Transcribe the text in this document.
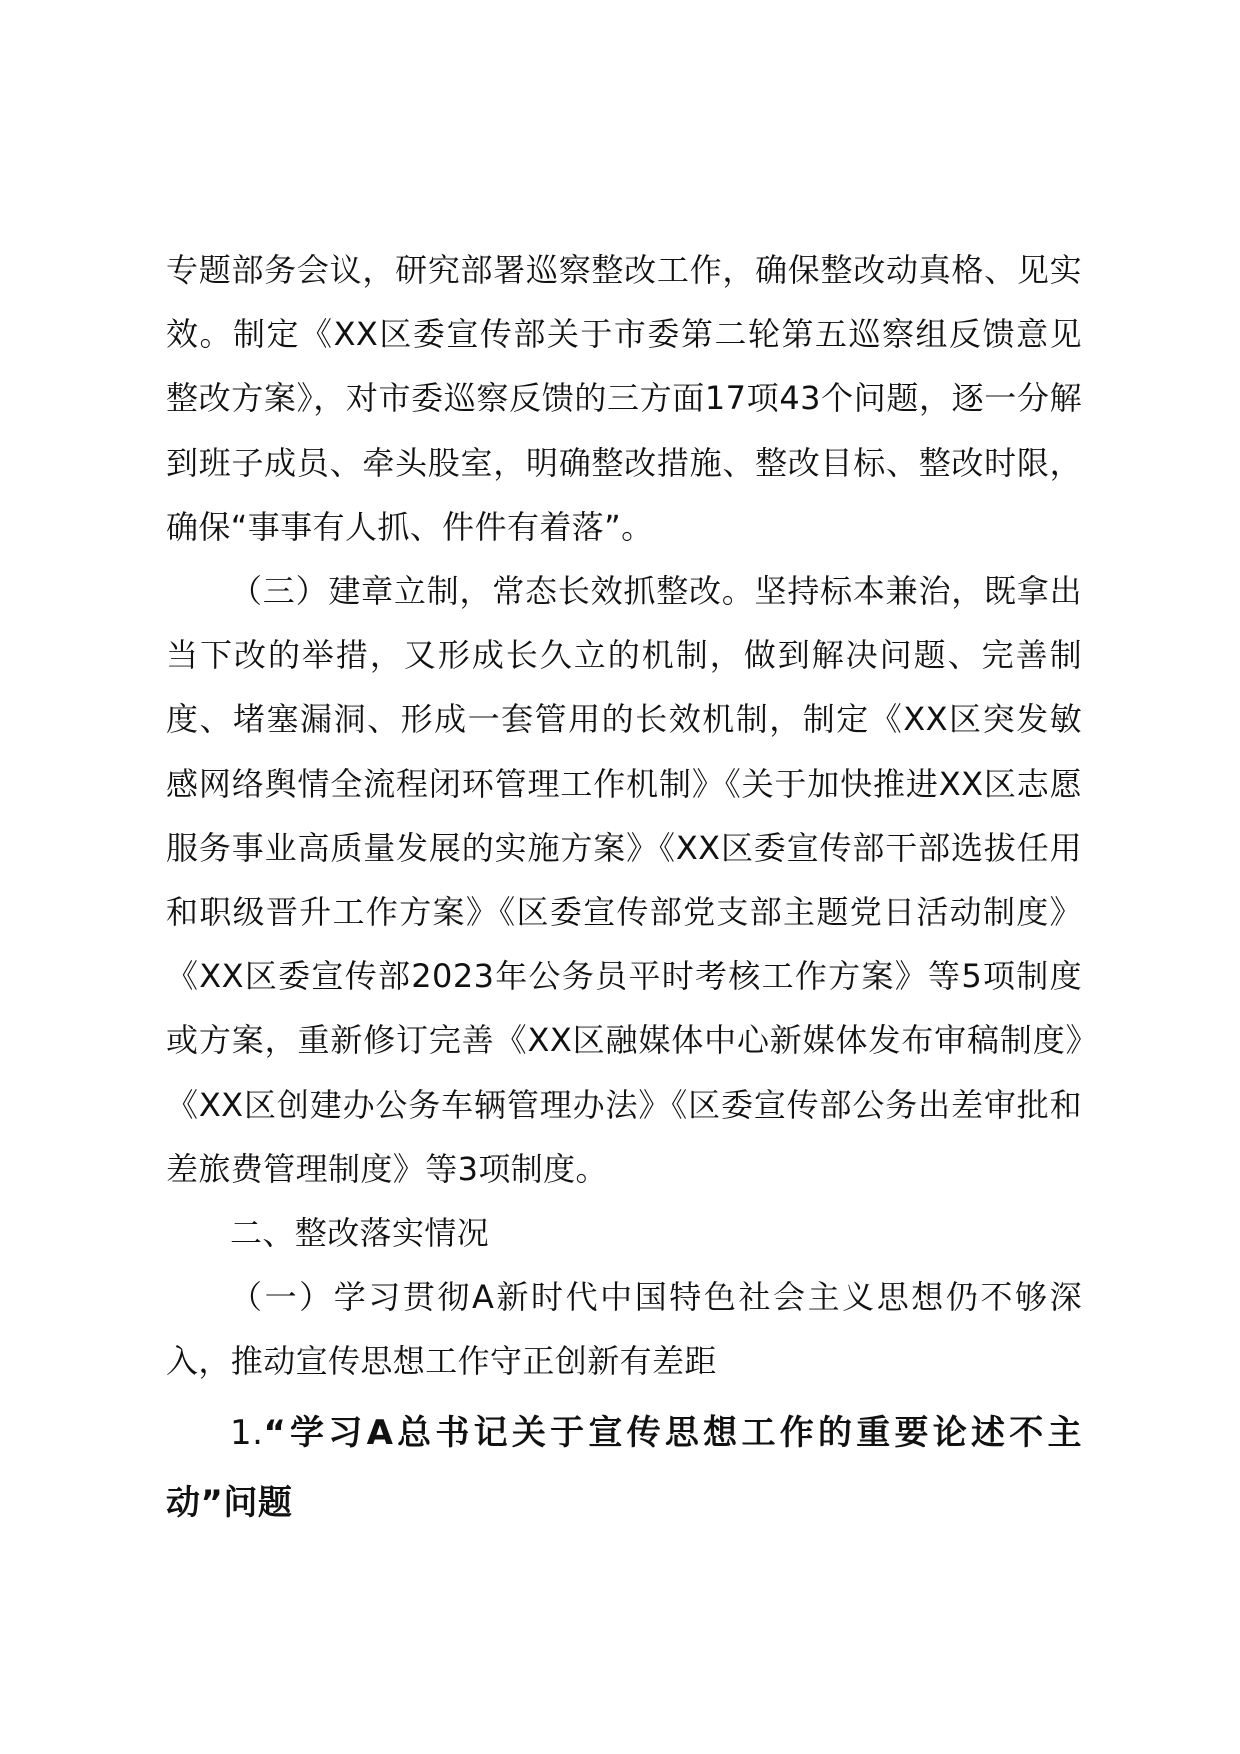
专题部务会议，研究部署巡察整改工作，确保整改动真格、见实效。制定《XX区委宣传部关于市委第二轮第五巡察组反馈意见整改方案》，对市委巡察反馈的三方面17项43个问题，逐一分解到班子成员、牵头股室，明确整改措施、整改目标、整改时限，确保“事事有人抓、件件有着落”。

（三）建章立制，常态长效抓整改。坚持标本兼治，既拿出当下改的举措，又形成长久立的机制，做到解决问题、完善制度、堵塞漏洞、形成一套管用的长效机制，制定《XX区突发敏感网络舆情全流程闭环管理工作机制》《关于加快推进XX区志愿服务事业高质量发展的实施方案》《XX区委宣传部干部选拔任用和职级晋升工作方案》《区委宣传部党支部主题党日活动制度》《XX区委宣传部2023年公务员平时考核工作方案》等5项制度或方案，重新修订完善《XX区融媒体中心新媒体发布审稿制度》《XX区创建办公务车辆管理办法》《区委宣传部公务出差审批和差旅费管理制度》等3项制度。

二、整改落实情况

（一）学习贯彻A新时代中国特色社会主义思想仍不够深入，推动宣传思想工作守正创新有差距

1.“学习A总书记关于宣传思想工作的重要论述不主动”问题
